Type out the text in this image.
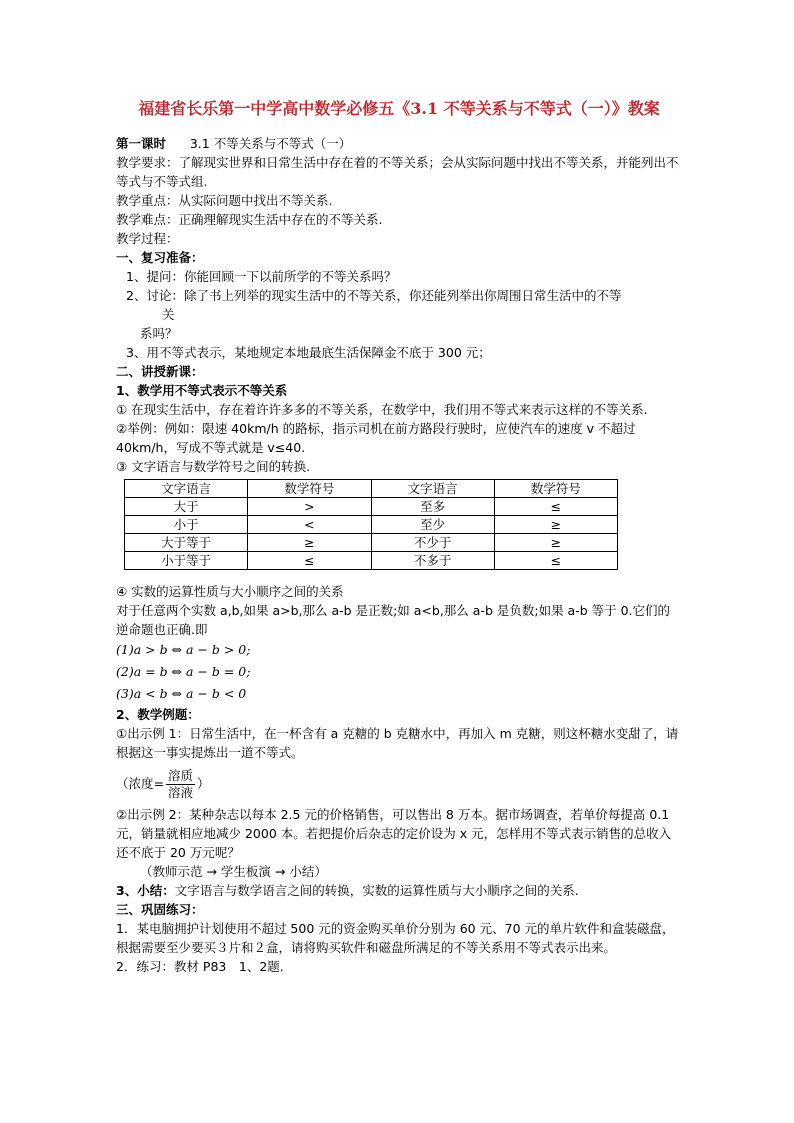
福建省长乐第一中学高中数学必修五《3.1 不等关系与不等式（一）》教案
第一课时 3.1 不等关系与不等式（一）
教学要求：了解现实世界和日常生活中存在着的不等关系；会从实际问题中找出不等关系，并能列出不等式与不等式组.
教学重点：从实际问题中找出不等关系.
教学难点：正确理解现实生活中存在的不等关系.
教学过程：
一、复习准备：
1、提问：你能回顾一下以前所学的不等关系吗？
2、讨论：除了书上列举的现实生活中的不等关系，你还能列举出你周围日常生活中的不等
关
系吗？
3、用不等式表示，某地规定本地最底生活保障金不底于 300 元；
二、讲授新课：
1、教学用不等式表示不等关系
① 在现实生活中，存在着许许多多的不等关系，在数学中，我们用不等式来表示这样的不等关系.
②举例：例如：限速 40km/h 的路标，指示司机在前方路段行驶时，应使汽车的速度 v 不超过 40km/h，写成不等式就是 v≤40.
③ 文字语言与数学符号之间的转换.
文字语言	数学符号	文字语言	数学符号
大于	>	至多	≤
小于	<	至少	≥
大于等于	≥	不少于	≥
小于等于	≤	不多于	≤
④ 实数的运算性质与大小顺序之间的关系
对于任意两个实数 a,b,如果 a>b,那么 a-b 是正数;如 a<b,那么 a-b 是负数;如果 a-b 等于 0.它们的逆命题也正确.即
(1)a > b ⇔ a − b > 0;
(2)a = b ⇔ a − b = 0;
(3)a < b ⇔ a − b < 0
2、教学例题：
①出示例 1：日常生活中，在一杯含有 a 克糖的 b 克糖水中，再加入 m 克糖，则这杯糖水变甜了，请根据这一事实提炼出一道不等式。
（浓度= $\frac{\text{溶质}}{\text{溶液}}$ ）
②出示例 2：某种杂志以每本 2.5 元的价格销售，可以售出 8 万本。据市场调查，若单价每提高 0.1 元，销量就相应地减少 2000 本。若把提价后杂志的定价设为 x 元，怎样用不等式表示销售的总收入还不底于 20 万元呢？
（教师示范 → 学生板演 → 小结）
3、小结：文字语言与数学语言之间的转换，实数的运算性质与大小顺序之间的关系.
三、巩固练习：
1．某电脑拥护计划使用不超过 500 元的资金购买单价分别为 60 元、70 元的单片软件和盒装磁盘，根据需要至少要买３片和２盒，请将购买软件和磁盘所满足的不等关系用不等式表示出来。
2．练习：教材 P83　1、2题.
